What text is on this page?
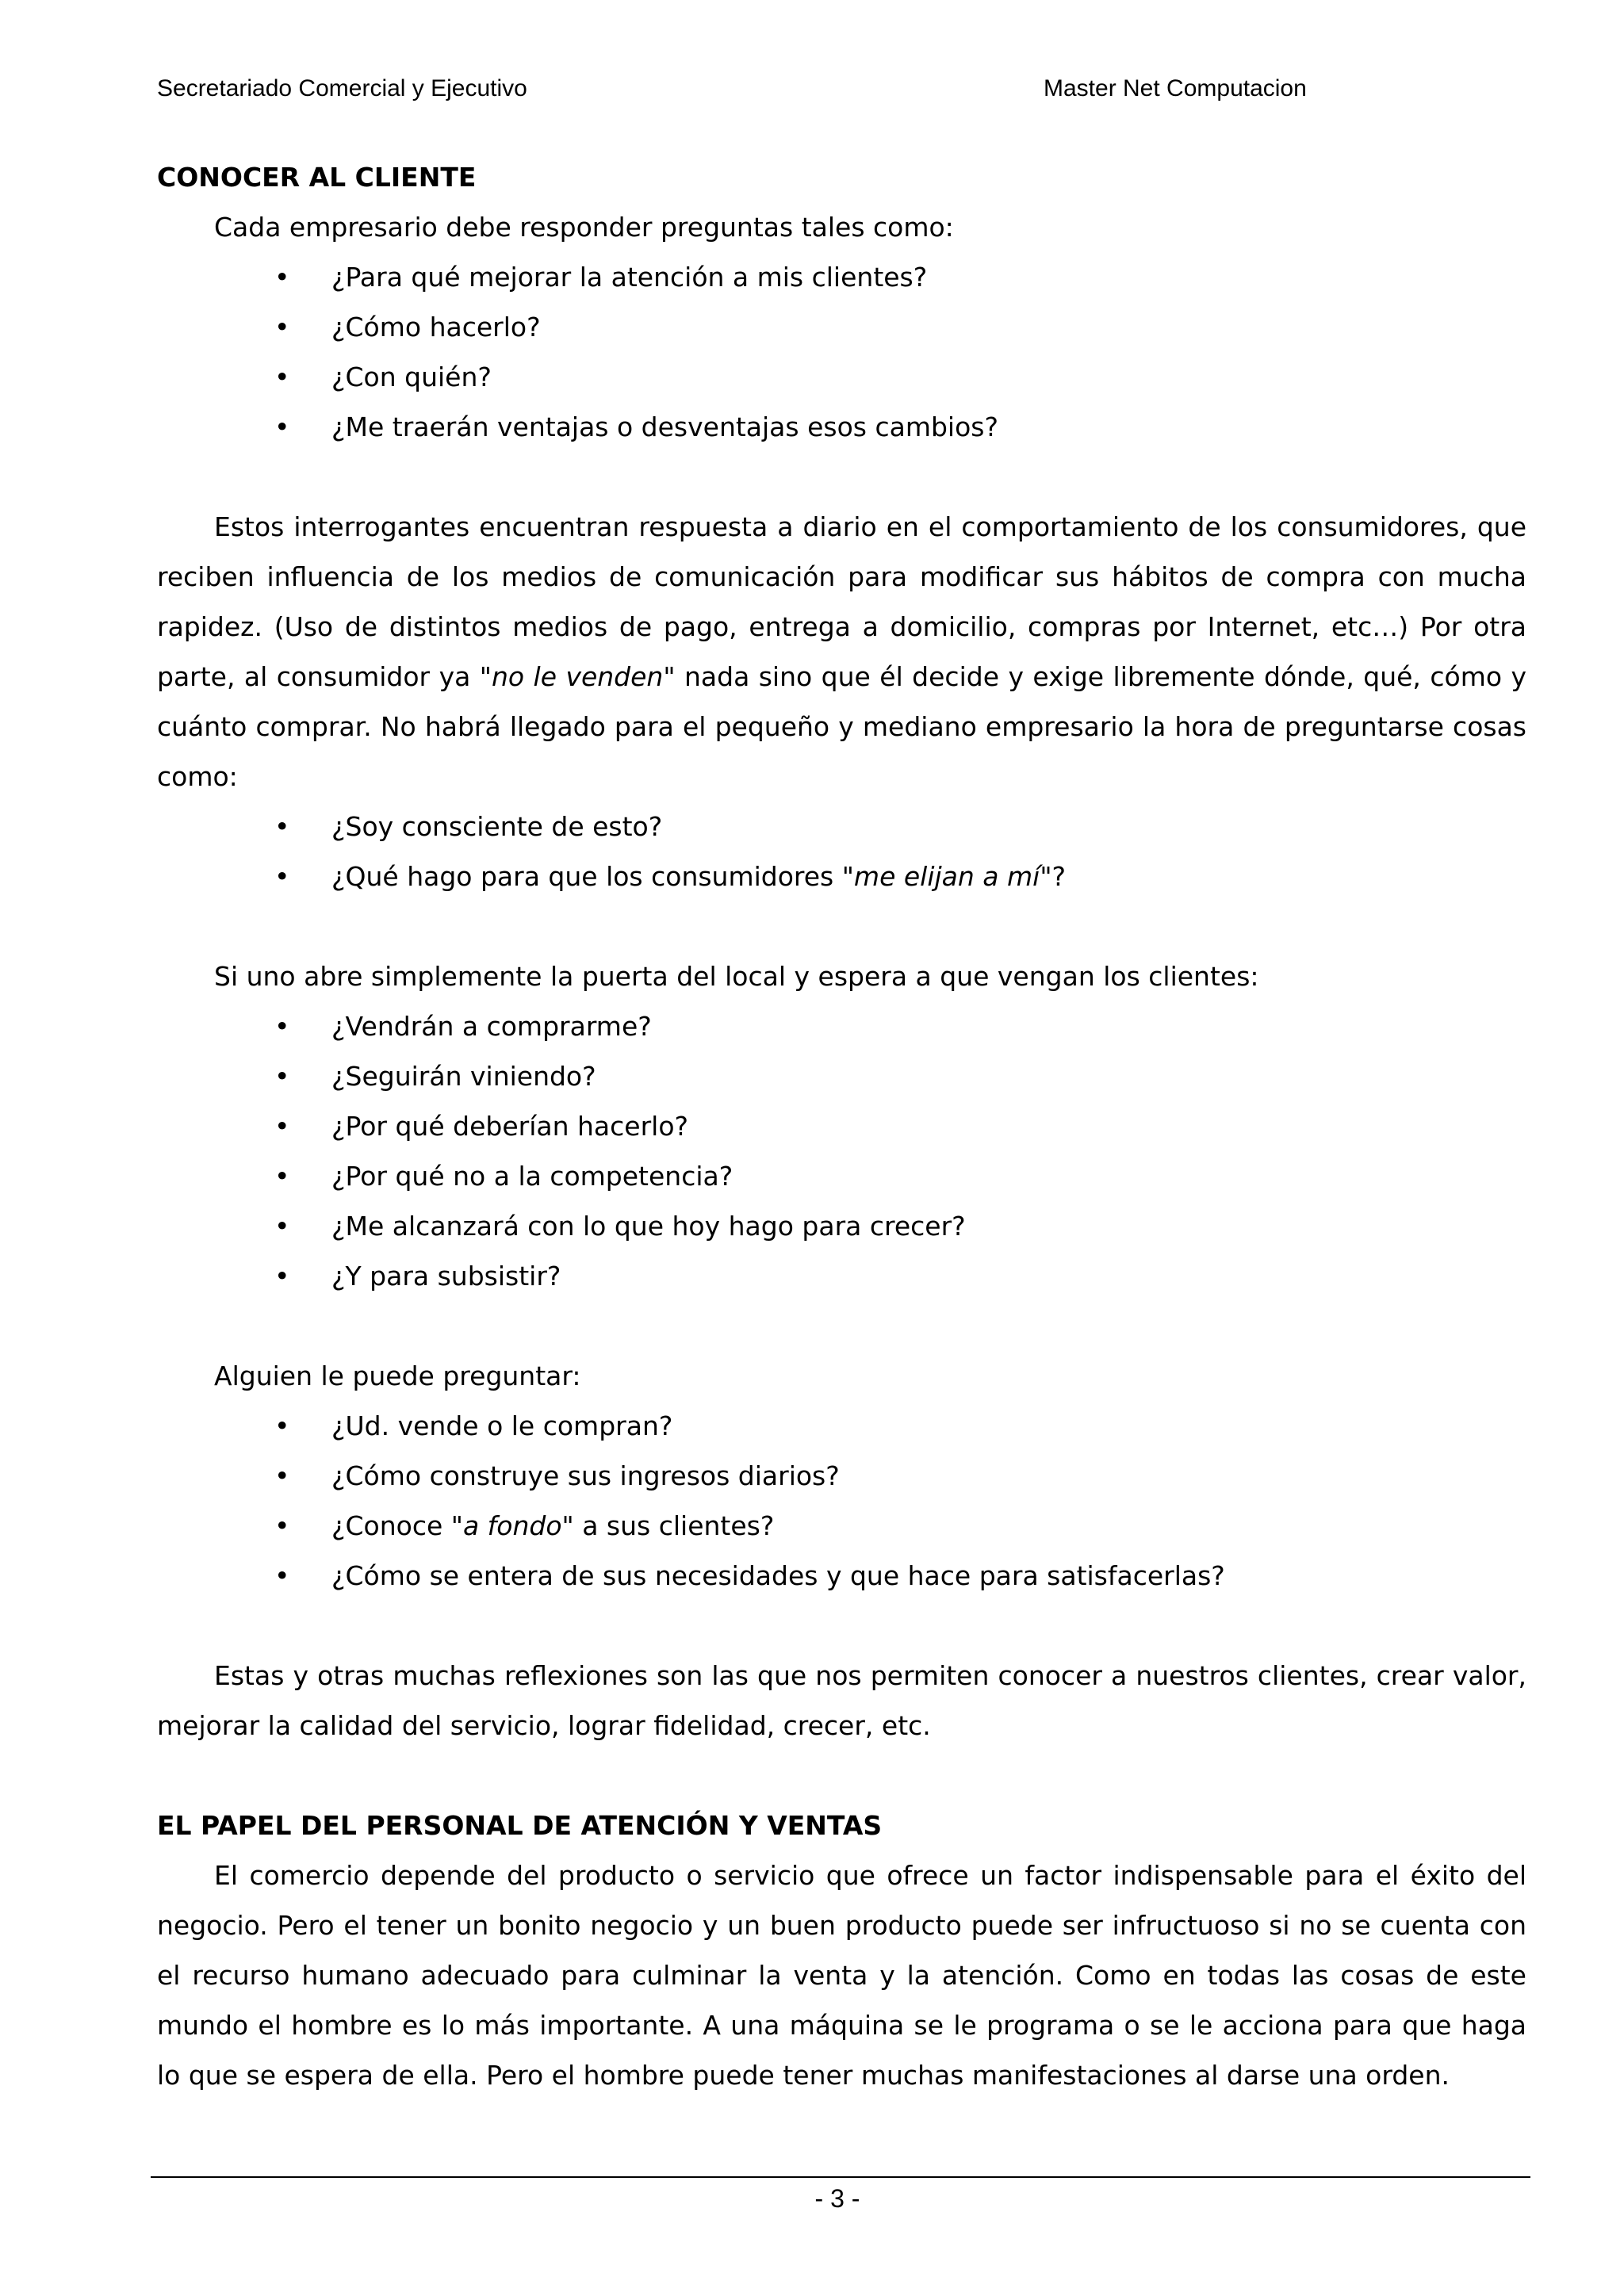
Secretariado Comercial y Ejecutivo	Master Net Computacion
CONOCER AL CLIENTE

Cada empresario debe responder preguntas tales como:

• ¿Para qué mejorar la atención a mis clientes?
• ¿Cómo hacerlo?
• ¿Con quién?
• ¿Me traerán ventajas o desventajas esos cambios?

Estos interrogantes encuentran respuesta a diario en el comportamiento de los consumidores, que reciben influencia de los medios de comunicación para modificar sus hábitos de compra con mucha rapidez. (Uso de distintos medios de pago, entrega a domicilio, compras por Internet, etc…) Por otra parte, al consumidor ya "no le venden" nada sino que él decide y exige libremente dónde, qué, cómo y cuánto comprar. No habrá llegado para el pequeño y mediano empresario la hora de preguntarse cosas como:

• ¿Soy consciente de esto?
• ¿Qué hago para que los consumidores "me elijan a mí"?

Si uno abre simplemente la puerta del local y espera a que vengan los clientes:

• ¿Vendrán a comprarme?
• ¿Seguirán viniendo?
• ¿Por qué deberían hacerlo?
• ¿Por qué no a la competencia?
• ¿Me alcanzará con lo que hoy hago para crecer?
• ¿Y para subsistir?

Alguien le puede preguntar:

• ¿Ud. vende o le compran?
• ¿Cómo construye sus ingresos diarios?
• ¿Conoce "a fondo" a sus clientes?
• ¿Cómo se entera de sus necesidades y que hace para satisfacerlas?

Estas y otras muchas reflexiones son las que nos permiten conocer a nuestros clientes, crear valor, mejorar la calidad del servicio, lograr fidelidad, crecer, etc.

EL PAPEL DEL PERSONAL DE ATENCIÓN Y VENTAS

El comercio depende del producto o servicio que ofrece un factor indispensable para el éxito del negocio. Pero el tener un bonito negocio y un buen producto puede ser infructuoso si no se cuenta con el recurso humano adecuado para culminar la venta y la atención. Como en todas las cosas de este mundo el hombre es lo más importante. A una máquina se le programa o se le acciona para que haga lo que se espera de ella. Pero el hombre puede tener muchas manifestaciones al darse una orden.

- 3 -
